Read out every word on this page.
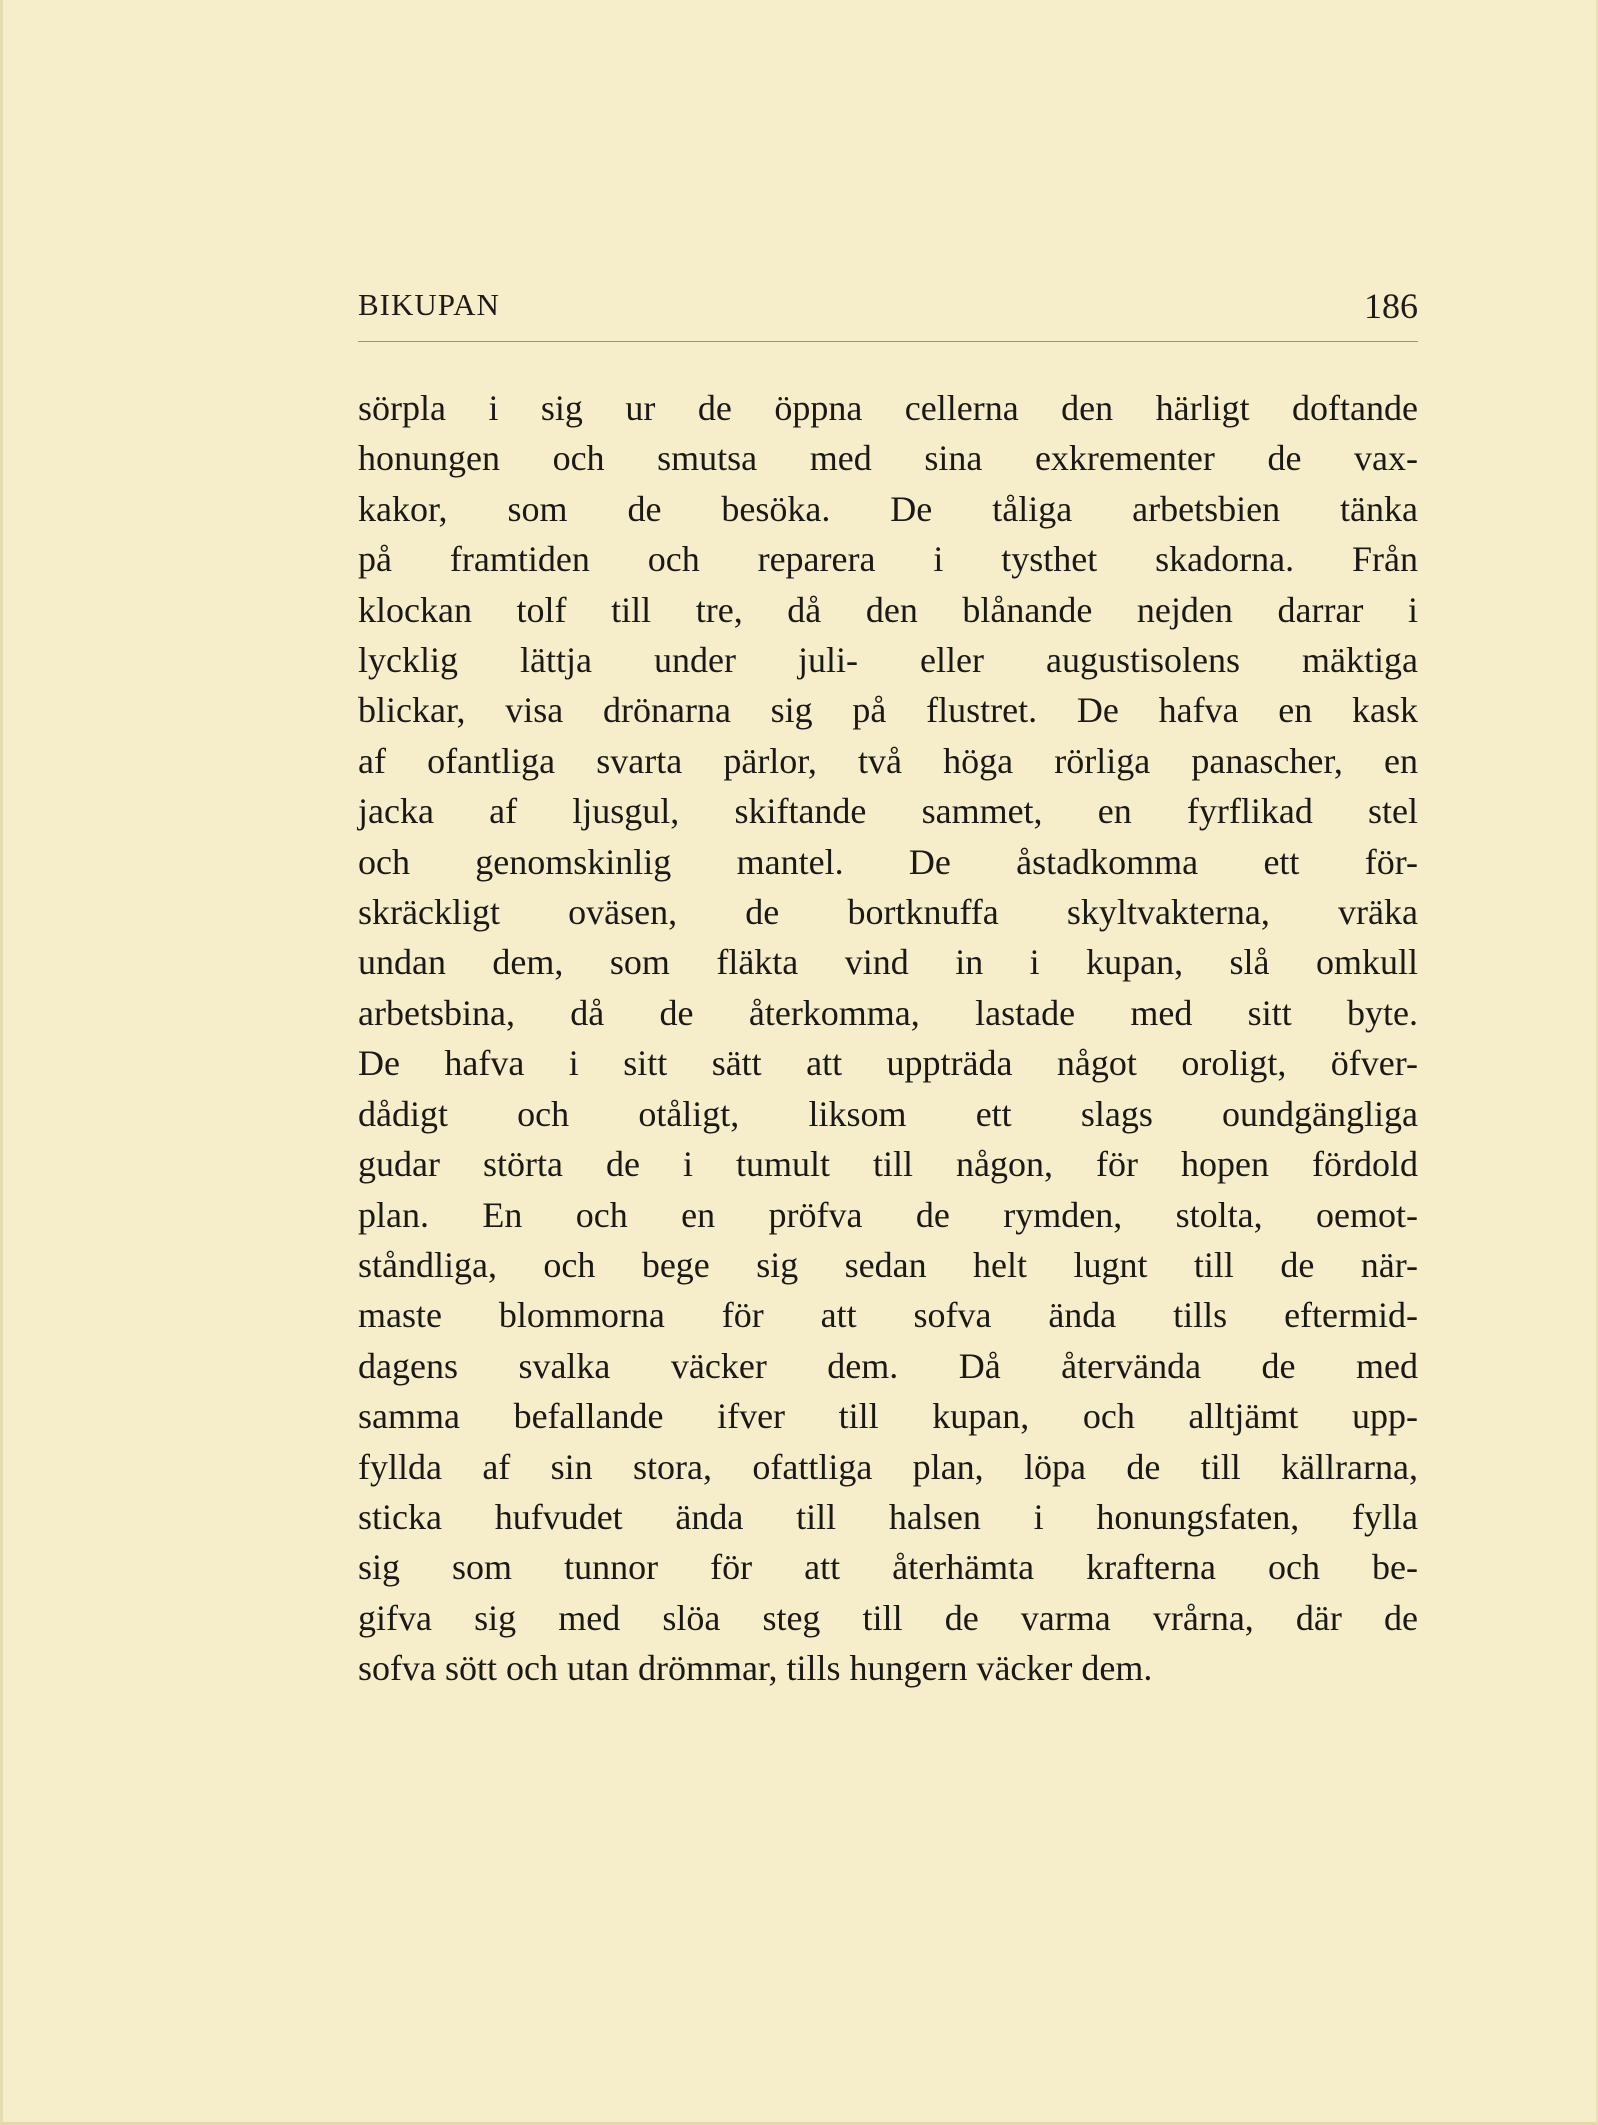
BIKUPAN	186
sörpla i sig ur de öppna cellerna den härligt doftande
honungen och smutsa med sina exkrementer de vax-
kakor, som de besöka. De tåliga arbetsbien tänka
på framtiden och reparera i tysthet skadorna. Från
klockan tolf till tre, då den blånande nejden darrar i
lycklig lättja under juli- eller augustisolens mäktiga
blickar, visa drönarna sig på flustret. De hafva en kask
af ofantliga svarta pärlor, två höga rörliga panascher, en
jacka af ljusgul, skiftande sammet, en fyrflikad stel
och genomskinlig mantel. De åstadkomma ett för-
skräckligt oväsen, de bortknuffa skyltvakterna, vräka
undan dem, som fläkta vind in i kupan, slå omkull
arbetsbina, då de återkomma, lastade med sitt byte.
De hafva i sitt sätt att uppträda något oroligt, öfver-
dådigt och otåligt, liksom ett slags oundgängliga
gudar störta de i tumult till någon, för hopen fördold
plan. En och en pröfva de rymden, stolta, oemot-
ståndliga, och bege sig sedan helt lugnt till de när-
maste blommorna för att sofva ända tills eftermid-
dagens svalka väcker dem. Då återvända de med
samma befallande ifver till kupan, och alltjämt upp-
fyllda af sin stora, ofattliga plan, löpa de till källrarna,
sticka hufvudet ända till halsen i honungsfaten, fylla
sig som tunnor för att återhämta krafterna och be-
gifva sig med slöa steg till de varma vrårna, där de
sofva sött och utan drömmar, tills hungern väcker dem.
